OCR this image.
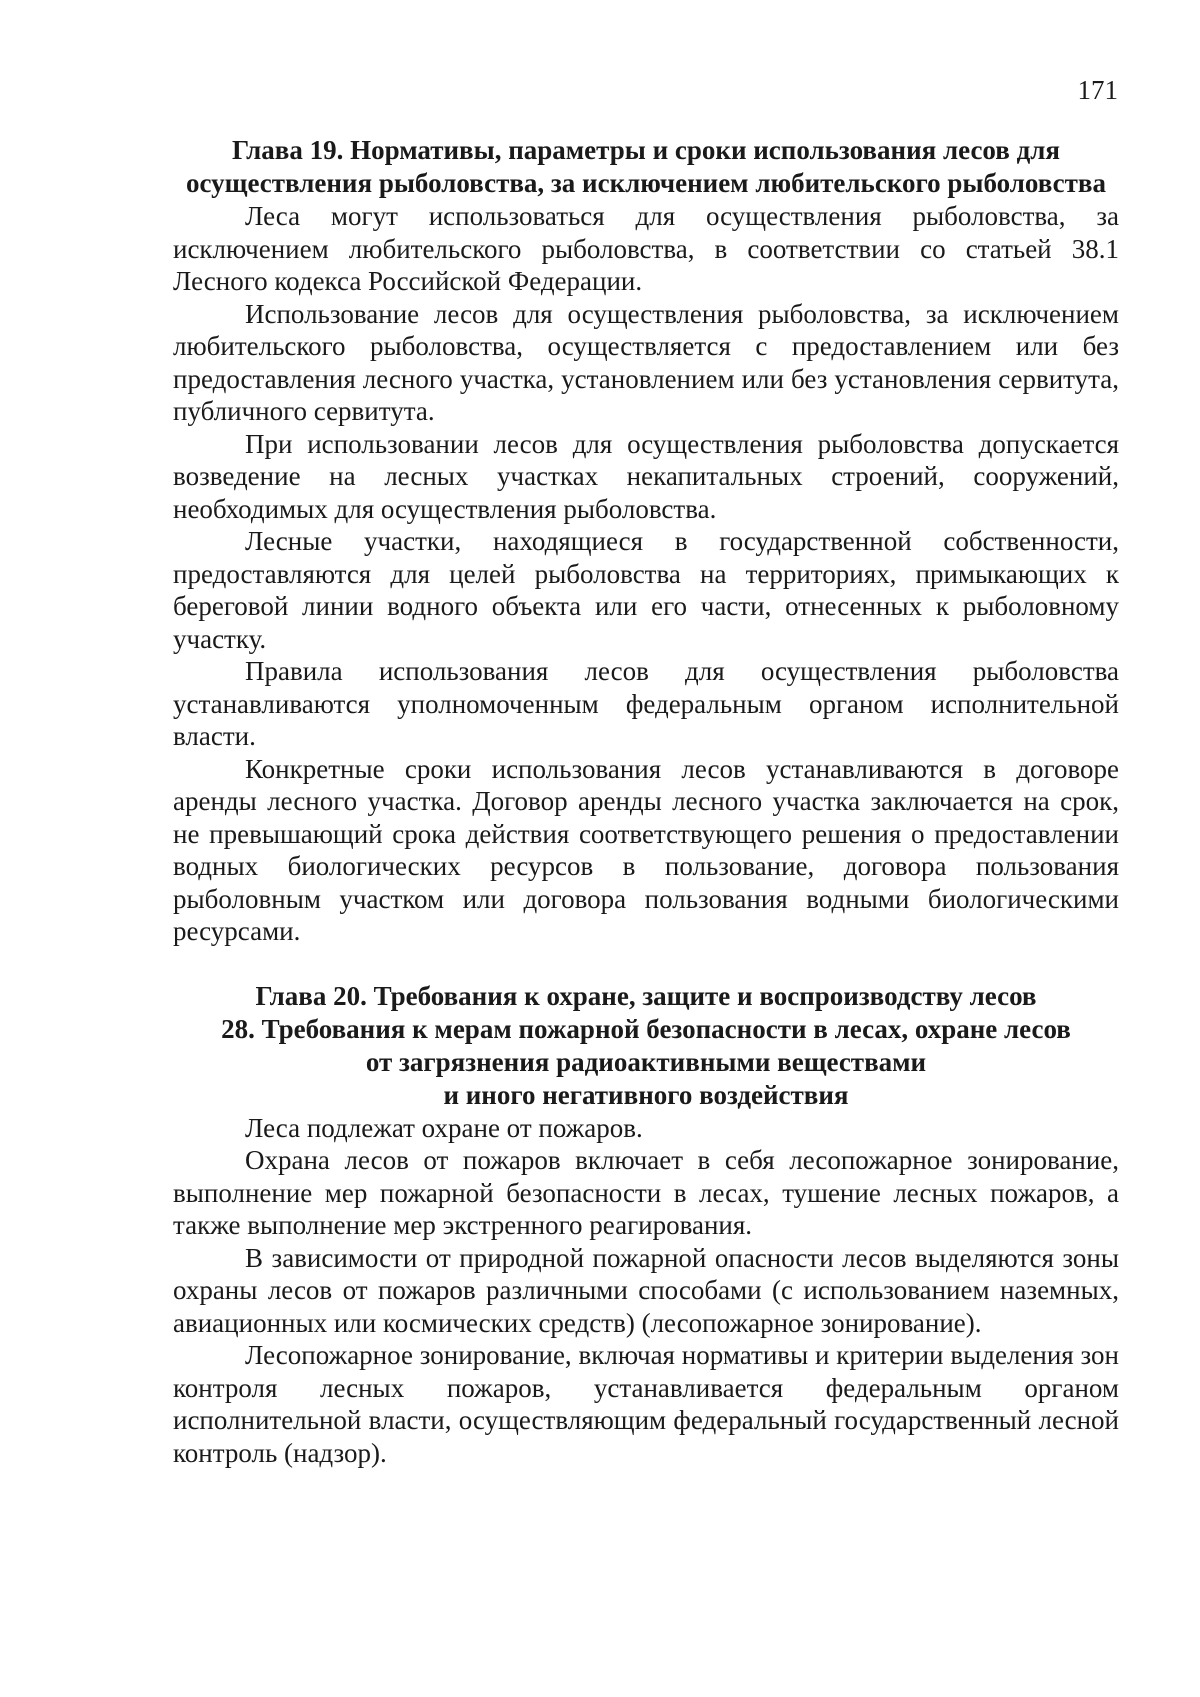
171
Глава 19. Нормативы, параметры и сроки использования лесов для осуществления рыболовства, за исключением любительского рыболовства

Леса могут использоваться для осуществления рыболовства, за исключением любительского рыболовства, в соответствии со статьей 38.1 Лесного кодекса Российской Федерации.

Использование лесов для осуществления рыболовства, за исключением любительского рыболовства, осуществляется с предоставлением или без предоставления лесного участка, установлением или без установления сервитута, публичного сервитута.

При использовании лесов для осуществления рыболовства допускается возведение на лесных участках некапитальных строений, сооружений, необходимых для осуществления рыболовства.

Лесные участки, находящиеся в государственной собственности, предоставляются для целей рыболовства на территориях, примыкающих к береговой линии водного объекта или его части, отнесенных к рыболовному участку.

Правила использования лесов для осуществления рыболовства устанавливаются уполномоченным федеральным органом исполнительной власти.

Конкретные сроки использования лесов устанавливаются в договоре аренды лесного участка. Договор аренды лесного участка заключается на срок, не превышающий срока действия соответствующего решения о предоставлении водных биологических ресурсов в пользование, договора пользования рыболовным участком или договора пользования водными биологическими ресурсами.

Глава 20. Требования к охране, защите и воспроизводству лесов
28. Требования к мерам пожарной безопасности в лесах, охране лесов
от загрязнения радиоактивными веществами
и иного негативного воздействия

Леса подлежат охране от пожаров.

Охрана лесов от пожаров включает в себя лесопожарное зонирование, выполнение мер пожарной безопасности в лесах, тушение лесных пожаров, а также выполнение мер экстренного реагирования.

В зависимости от природной пожарной опасности лесов выделяются зоны охраны лесов от пожаров различными способами (с использованием наземных, авиационных или космических средств) (лесопожарное зонирование).

Лесопожарное зонирование, включая нормативы и критерии выделения зон контроля лесных пожаров, устанавливается федеральным органом исполнительной власти, осуществляющим федеральный государственный лесной контроль (надзор).
